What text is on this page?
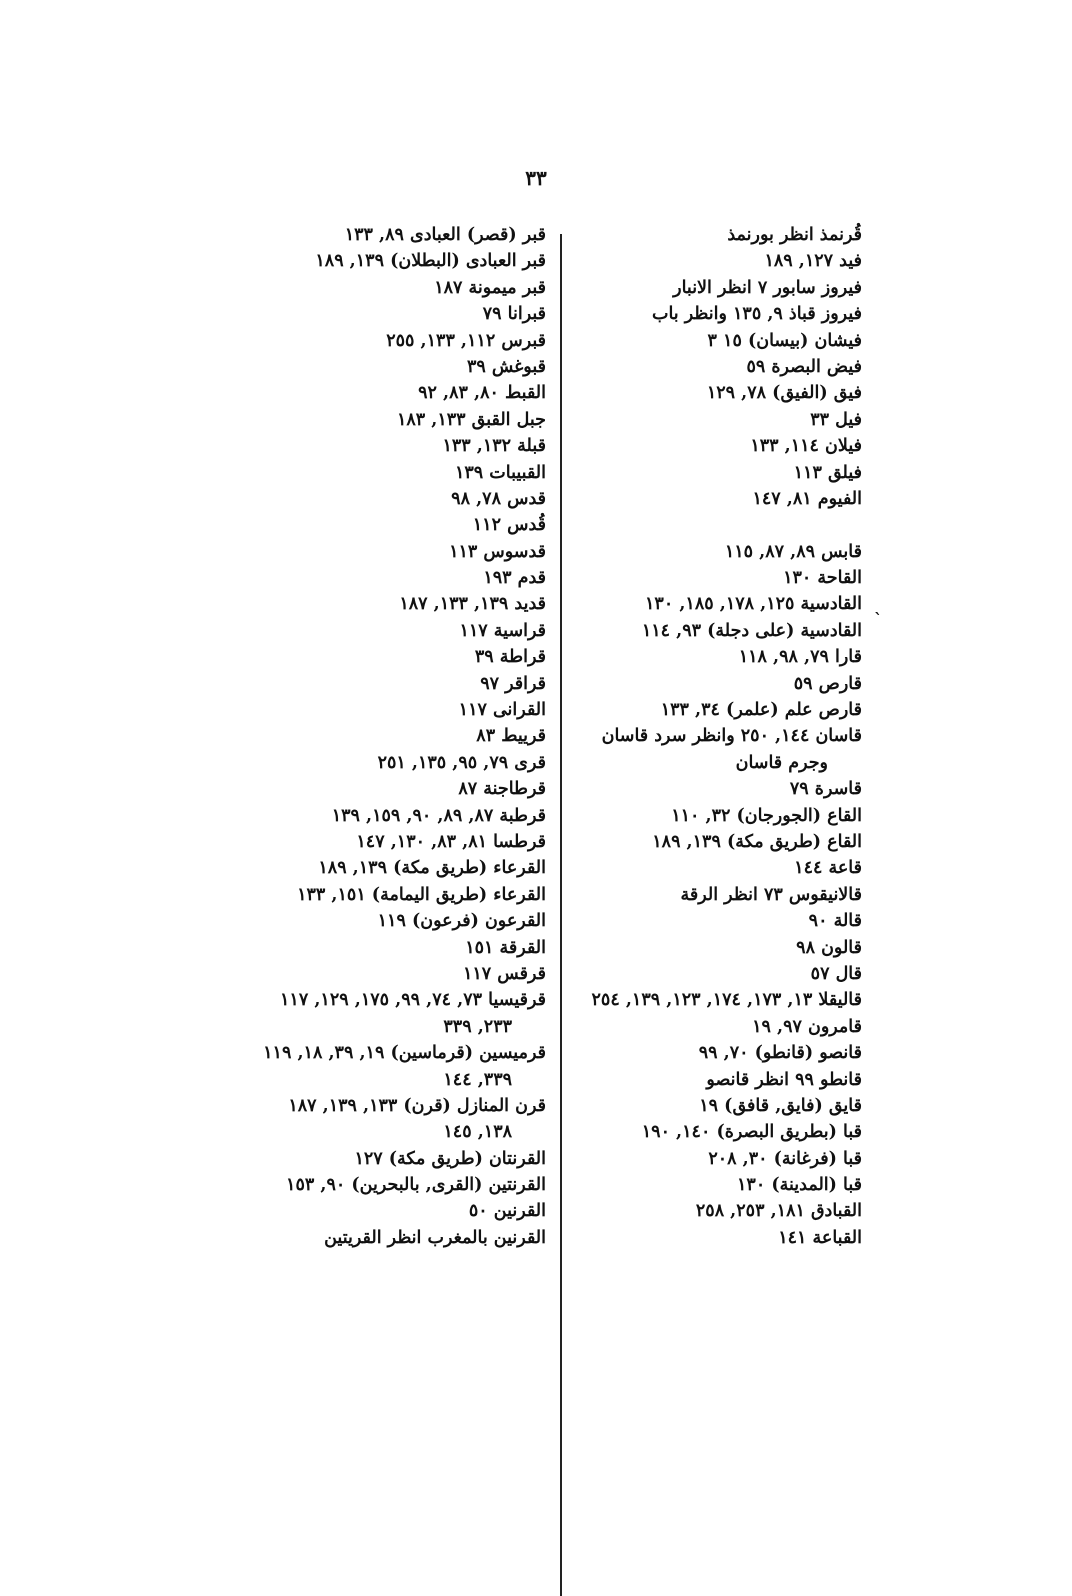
٣٣
`
قُرنمذ انظر بورنمذ
فيد ١٢٧, ١٨٩
فيروز سابور ٧ انظر الانبار
فيروز قباذ ٩, ١٣٥ وانظر باب
فيشان (بيسان) ١٥ ٣
فيض البصرة ٥٩
فيق (الفيق) ٧٨, ١٢٩
فيل ٣٣
فيلان ١١٤, ١٣٣
فيلق ١١٣
الفيوم ٨١, ١٤٧
قابس ٨٩, ٨٧, ١١٥
القاحة ١٣٠
القادسية ١٢٥, ١٧٨, ١٨٥, ١٣٠
القادسية (على دجلة) ٩٣, ١١٤
قارا ٧٩, ٩٨, ١١٨
قارص ٥٩
قارص علم (علمر) ٣٤, ١٣٣
قاسان ١٤٤, ٢٥٠ وانظر سرد قاسان
وجرم قاسان
قاسرة ٧٩
القاع (الجورجان) ٣٢, ١١٠
القاع (طريق مكة) ١٣٩, ١٨٩
قاعة ١٤٤
قالانيقوس ٧٣ انظر الرقة
قالة ٩٠
قالون ٩٨
قال ٥٧
قاليقلا ١٣, ١٧٣, ١٧٤, ١٢٣, ١٣٩, ٢٥٤
قامرون ٩٧, ١٩
قانصو (قانطو) ٧٠, ٩٩
قانطو ٩٩ انظر قانصو
قايق (فايق, قافق) ١٩
قبا (بطريق البصرة) ١٤٠, ١٩٠
قبا (فرغانة) ٣٠, ٢٠٨
قبا (المدينة) ١٣٠
القبادق ١٨١, ٢٥٣, ٢٥٨
القباعة ١٤١
قبر (قصر) العبادى ٨٩, ١٣٣
قبر العبادى (البطلان) ١٣٩, ١٨٩
قبر ميمونة ١٨٧
قبرانا ٧٩
قبرس ١١٢, ١٣٣, ٢٥٥
قبوغش ٣٩
القبط ٨٠, ٨٣, ٩٢
جبل القبق ١٣٣, ١٨٣
قبلة ١٣٢, ١٣٣
القبيبات ١٣٩
قدس ٧٨, ٩٨
قُدس ١١٢
قدسوس ١١٣
قدم ١٩٣
قديد ١٣٩, ١٣٣, ١٨٧
قراسية ١١٧
قراطة ٣٩
قراقر ٩٧
القرانى ١١٧
قرييط ٨٣
قرى ٧٩, ٩٥, ١٣٥, ٢٥١
قرطاجنة ٨٧
قرطبة ٨٧, ٨٩, ٩٠, ١٥٩, ١٣٩
قرطسا ٨١, ٨٣, ١٣٠, ١٤٧
القرعاء (طريق مكة) ١٣٩, ١٨٩
القرعاء (طريق اليمامة) ١٥١, ١٣٣
القرعون (فرعون) ١١٩
القرقة ١٥١
قرقس ١١٧
قرقيسيا ٧٣, ٧٤, ٩٩, ١٧٥, ١٢٩, ١١٧
٢٣٣, ٣٣٩
قرميسين (قرماسين) ١٩, ٣٩, ١٨, ١١٩
٣٣٩, ١٤٤
قرن المنازل (قرن) ١٣٣, ١٣٩, ١٨٧
١٣٨, ١٤٥
القرنتان (طريق مكة) ١٢٧
القرنتين (القرى, بالبحرين) ٩٠, ١٥٣
القرنين ٥٠
القرنين بالمغرب انظر القريتين
